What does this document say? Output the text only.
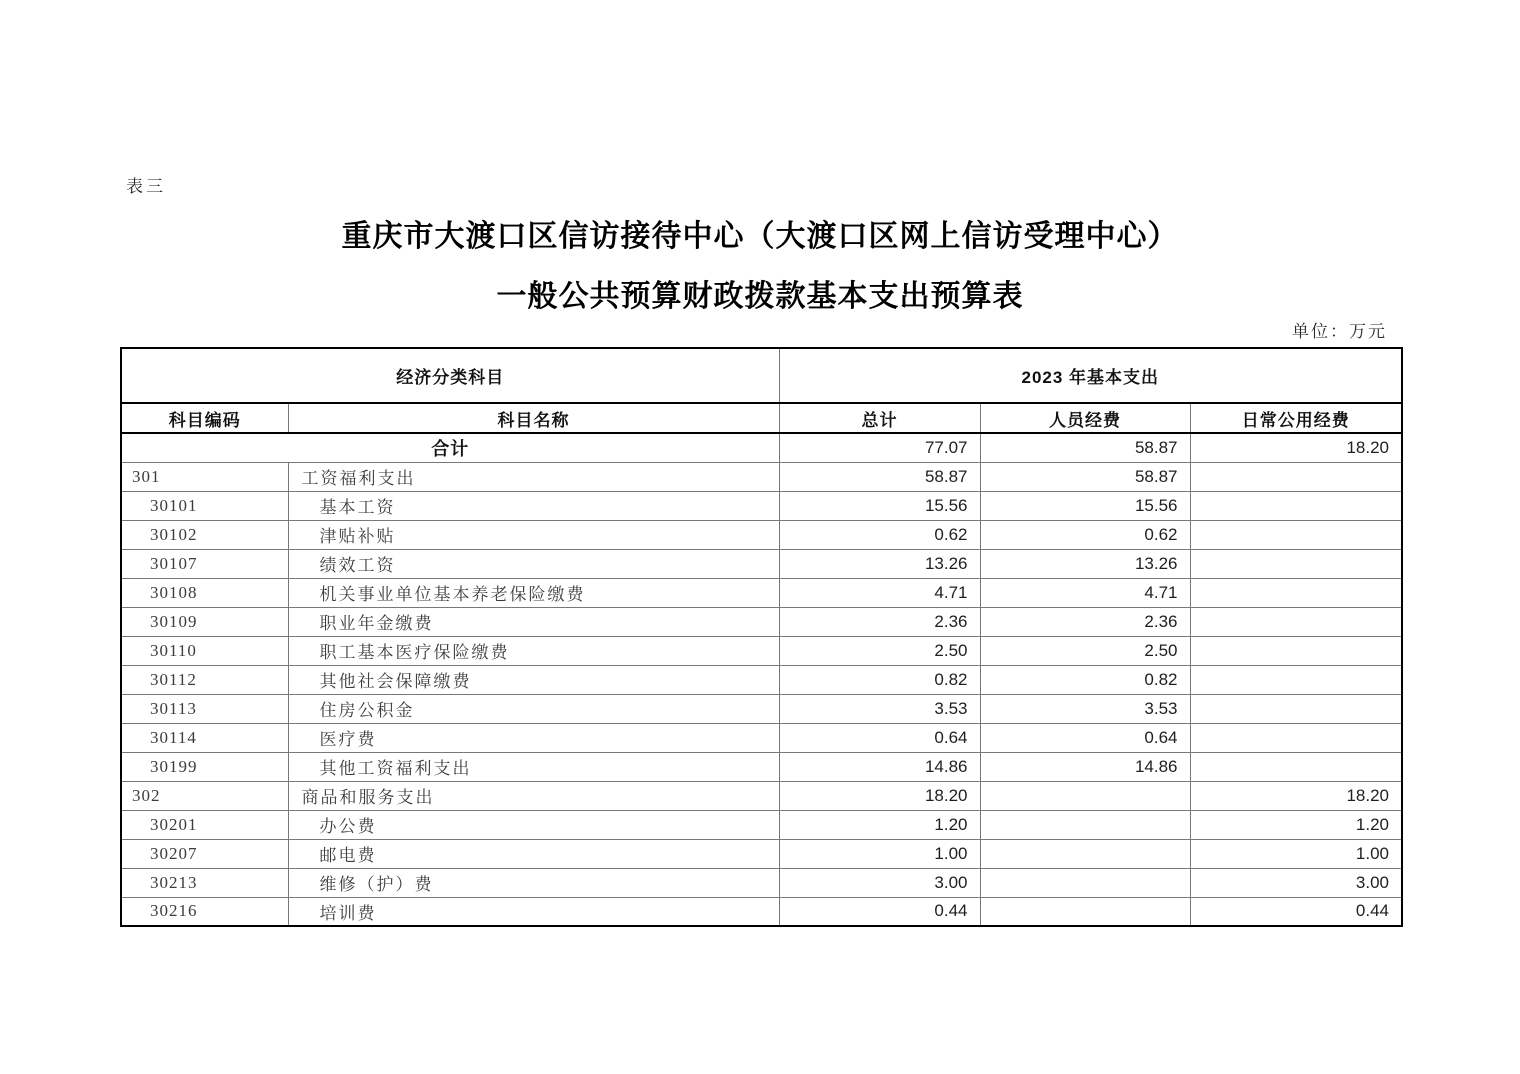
表三
重庆市大渡口区信访接待中心（大渡口区网上信访受理中心）
一般公共预算财政拨款基本支出预算表
单位：万元
经济分类科目		2023 年基本支出		
科目编码	科目名称	总计	人员经费	日常公用经费
合计		77.07	58.87	18.20
301	工资福利支出	58.87	58.87	
30101	基本工资	15.56	15.56	
30102	津贴补贴	0.62	0.62	
30107	绩效工资	13.26	13.26	
30108	机关事业单位基本养老保险缴费	4.71	4.71	
30109	职业年金缴费	2.36	2.36	
30110	职工基本医疗保险缴费	2.50	2.50	
30112	其他社会保障缴费	0.82	0.82	
30113	住房公积金	3.53	3.53	
30114	医疗费	0.64	0.64	
30199	其他工资福利支出	14.86	14.86	
302	商品和服务支出	18.20		18.20
30201	办公费	1.20		1.20
30207	邮电费	1.00		1.00
30213	维修（护）费	3.00		3.00
30216	培训费	0.44		0.44
